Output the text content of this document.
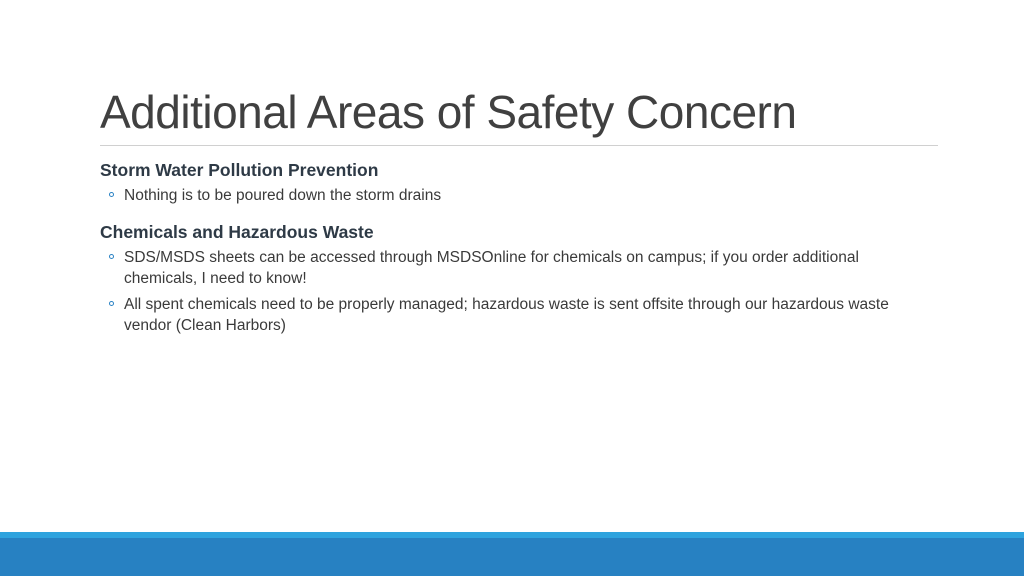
Additional Areas of Safety Concern
Storm Water Pollution Prevention
Nothing is to be poured down the storm drains
Chemicals and Hazardous Waste
SDS/MSDS sheets can be accessed through MSDSOnline for chemicals on campus; if you order additional chemicals, I need to know!
All spent chemicals need to be properly managed; hazardous waste is sent offsite through our hazardous waste vendor (Clean Harbors)
